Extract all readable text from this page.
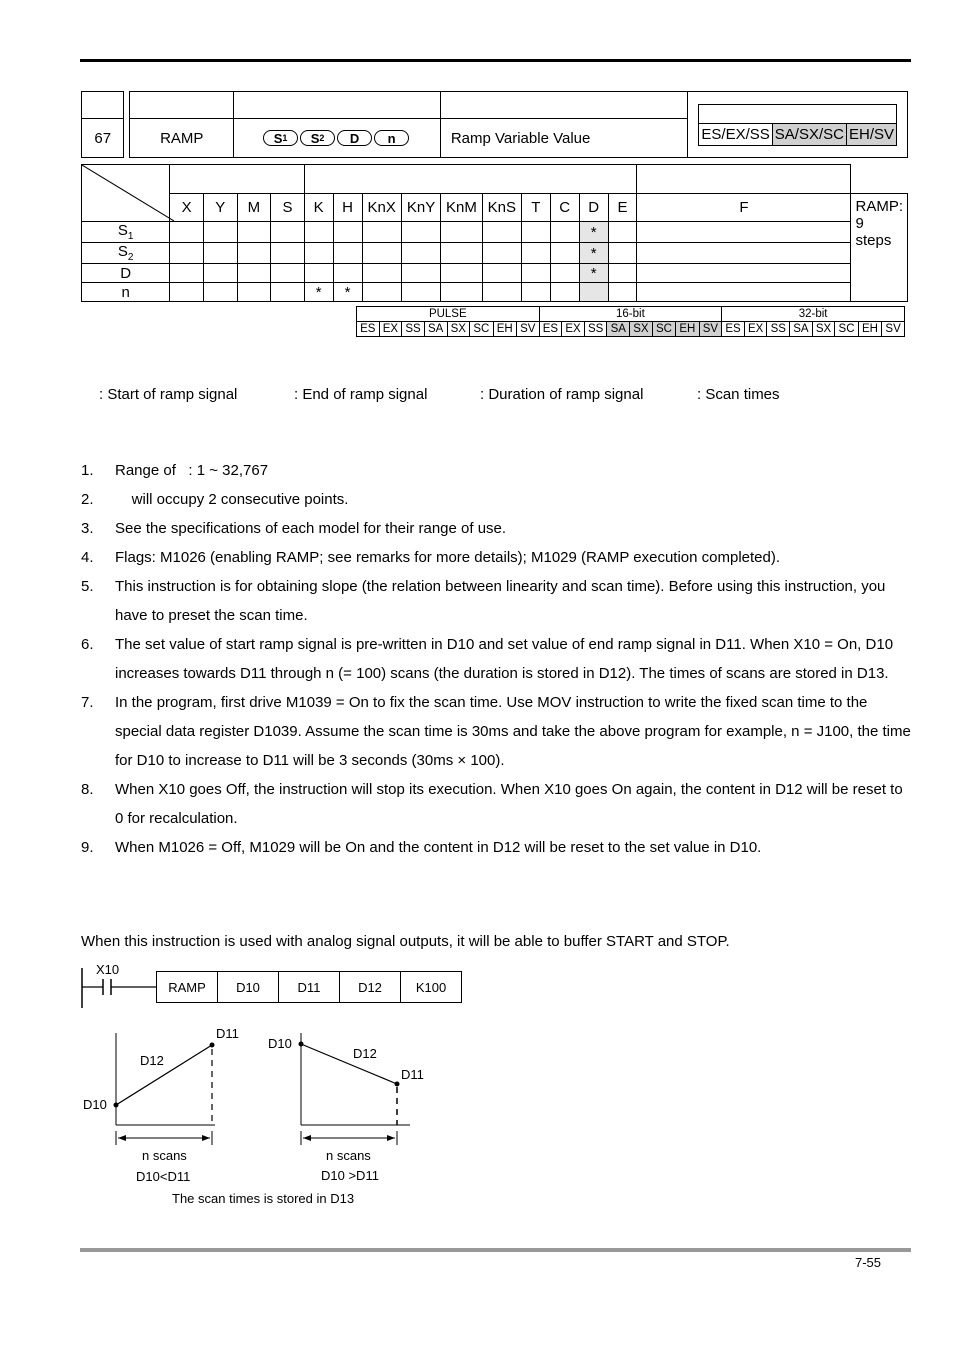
ES/EX/SS	SA/SX/SC	EH/SV

67		RAMP	S 1 S 2 D n	Ramp Variable Value

	X	Y	M	S	K	H	KnX	KnY	KnM	KnS	T	C	D	E	F	RAMP: 9 steps
$S_1$													*			
$S_2$													*			
D													*			
n					*	*										
PULSE								16-bit								32-bit							
ES	EX	SS	SA	SX	SC	EH	SV	ES	EX	SS	SA	SX	SC	EH	SV	ES	EX	SS	SA	SX	SC	EH	SV
: Start of ramp signal	: End of ramp signal	: Duration of ramp signal	: Scan times
1. Range of   : 1 ~ 32,767
2. will occupy 2 consecutive points.
3. See the specifications of each model for their range of use.
4. Flags: M1026 (enabling RAMP; see remarks for more details); M1029 (RAMP execution completed).
5. This instruction is for obtaining slope (the relation between linearity and scan time). Before using this instruction, you have to preset the scan time.
6. The set value of start ramp signal is pre-written in D10 and set value of end ramp signal in D11. When X10 = On, D10 increases towards D11 through n (= 100) scans (the duration is stored in D12). The times of scans are stored in D13.
7. In the program, first drive M1039 = On to fix the scan time. Use MOV instruction to write the fixed scan time to the special data register D1039. Assume the scan time is 30ms and take the above program for example, n = J100, the time for D10 to increase to D11 will be 3 seconds (30ms × 100).
8. When X10 goes Off, the instruction will stop its execution. When X10 goes On again, the content in D12 will be reset to 0 for recalculation.
9. When M1026 = Off, M1029 will be On and the content in D12 will be reset to the set value in D10.
When this instruction is used with analog signal outputs, it will be able to buffer START and STOP.
X10
RAMP	D10	D11	D12	K100
D10
D11
D12
n scans
D10<D11
D10
D11
D12
n scans
D10 >D11
The scan times is stored in D13
7-55
